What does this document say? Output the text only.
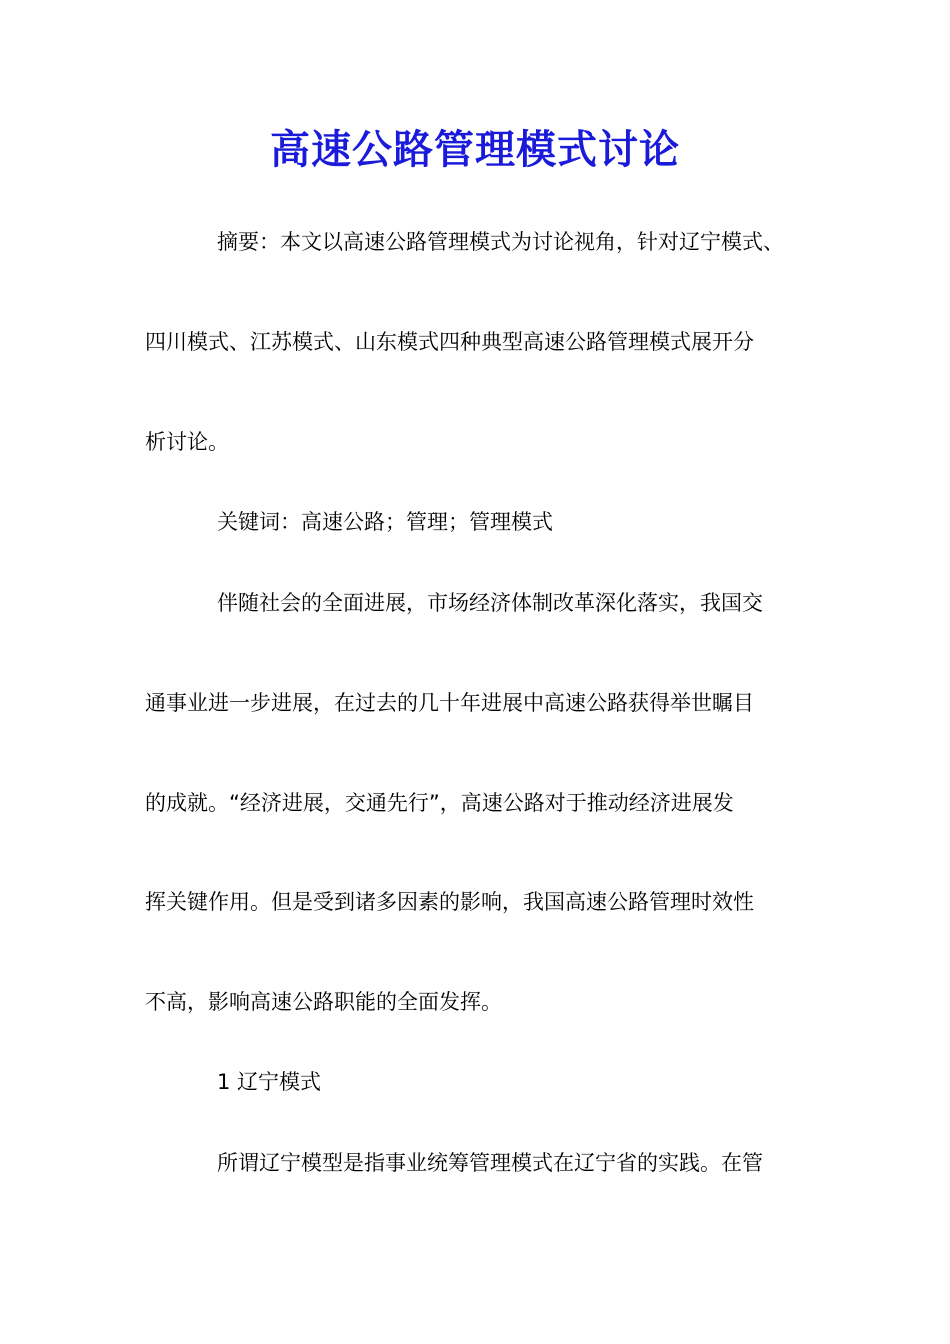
高速公路管理模式讨论
摘要：本文以高速公路管理模式为讨论视角，针对辽宁模式、
四川模式、江苏模式、山东模式四种典型高速公路管理模式展开分
析讨论。
关键词：高速公路；管理；管理模式
伴随社会的全面进展，市场经济体制改革深化落实，我国交
通事业进一步进展，在过去的几十年进展中高速公路获得举世瞩目
的成就。“经济进展，交通先行”，高速公路对于推动经济进展发
挥关键作用。但是受到诸多因素的影响，我国高速公路管理时效性
不高，影响高速公路职能的全面发挥。
1 辽宁模式
所谓辽宁模型是指事业统筹管理模式在辽宁省的实践。在管
